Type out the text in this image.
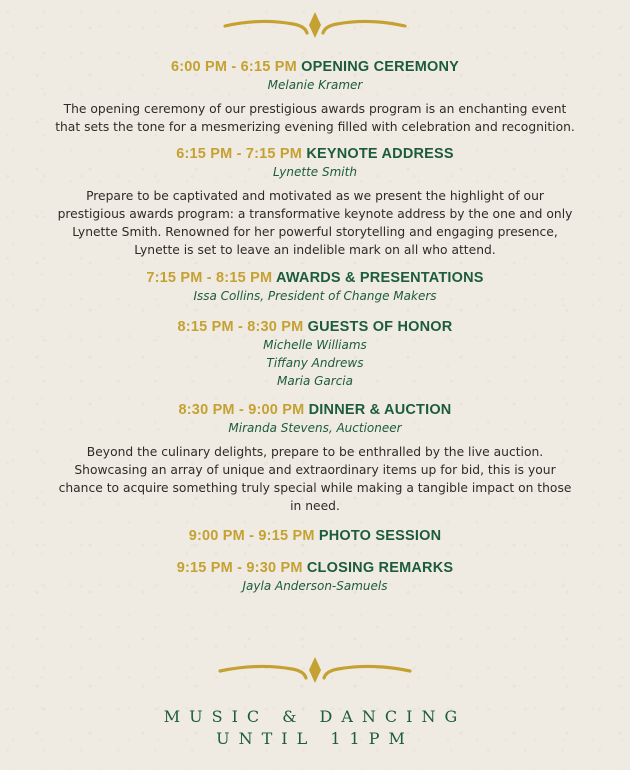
6:00 PM - 6:15 PM OPENING CEREMONY
Melanie Kramer
The opening ceremony of our prestigious awards program is an enchanting event that sets the tone for a mesmerizing evening filled with celebration and recognition.
6:15 PM - 7:15 PM KEYNOTE ADDRESS
Lynette Smith
Prepare to be captivated and motivated as we present the highlight of our prestigious awards program: a transformative keynote address by the one and only Lynette Smith. Renowned for her powerful storytelling and engaging presence, Lynette is set to leave an indelible mark on all who attend.
7:15 PM - 8:15 PM AWARDS & PRESENTATIONS
Issa Collins, President of Change Makers
8:15 PM - 8:30 PM GUESTS OF HONOR
Michelle Williams
Tiffany Andrews
Maria Garcia
8:30 PM - 9:00 PM DINNER & AUCTION
Miranda Stevens, Auctioneer
Beyond the culinary delights, prepare to be enthralled by the live auction. Showcasing an array of unique and extraordinary items up for bid, this is your chance to acquire something truly special while making a tangible impact on those in need.
9:00 PM - 9:15 PM PHOTO SESSION
9:15 PM - 9:30 PM CLOSING REMARKS
Jayla Anderson-Samuels
MUSIC & DANCING
UNTIL 11PM
